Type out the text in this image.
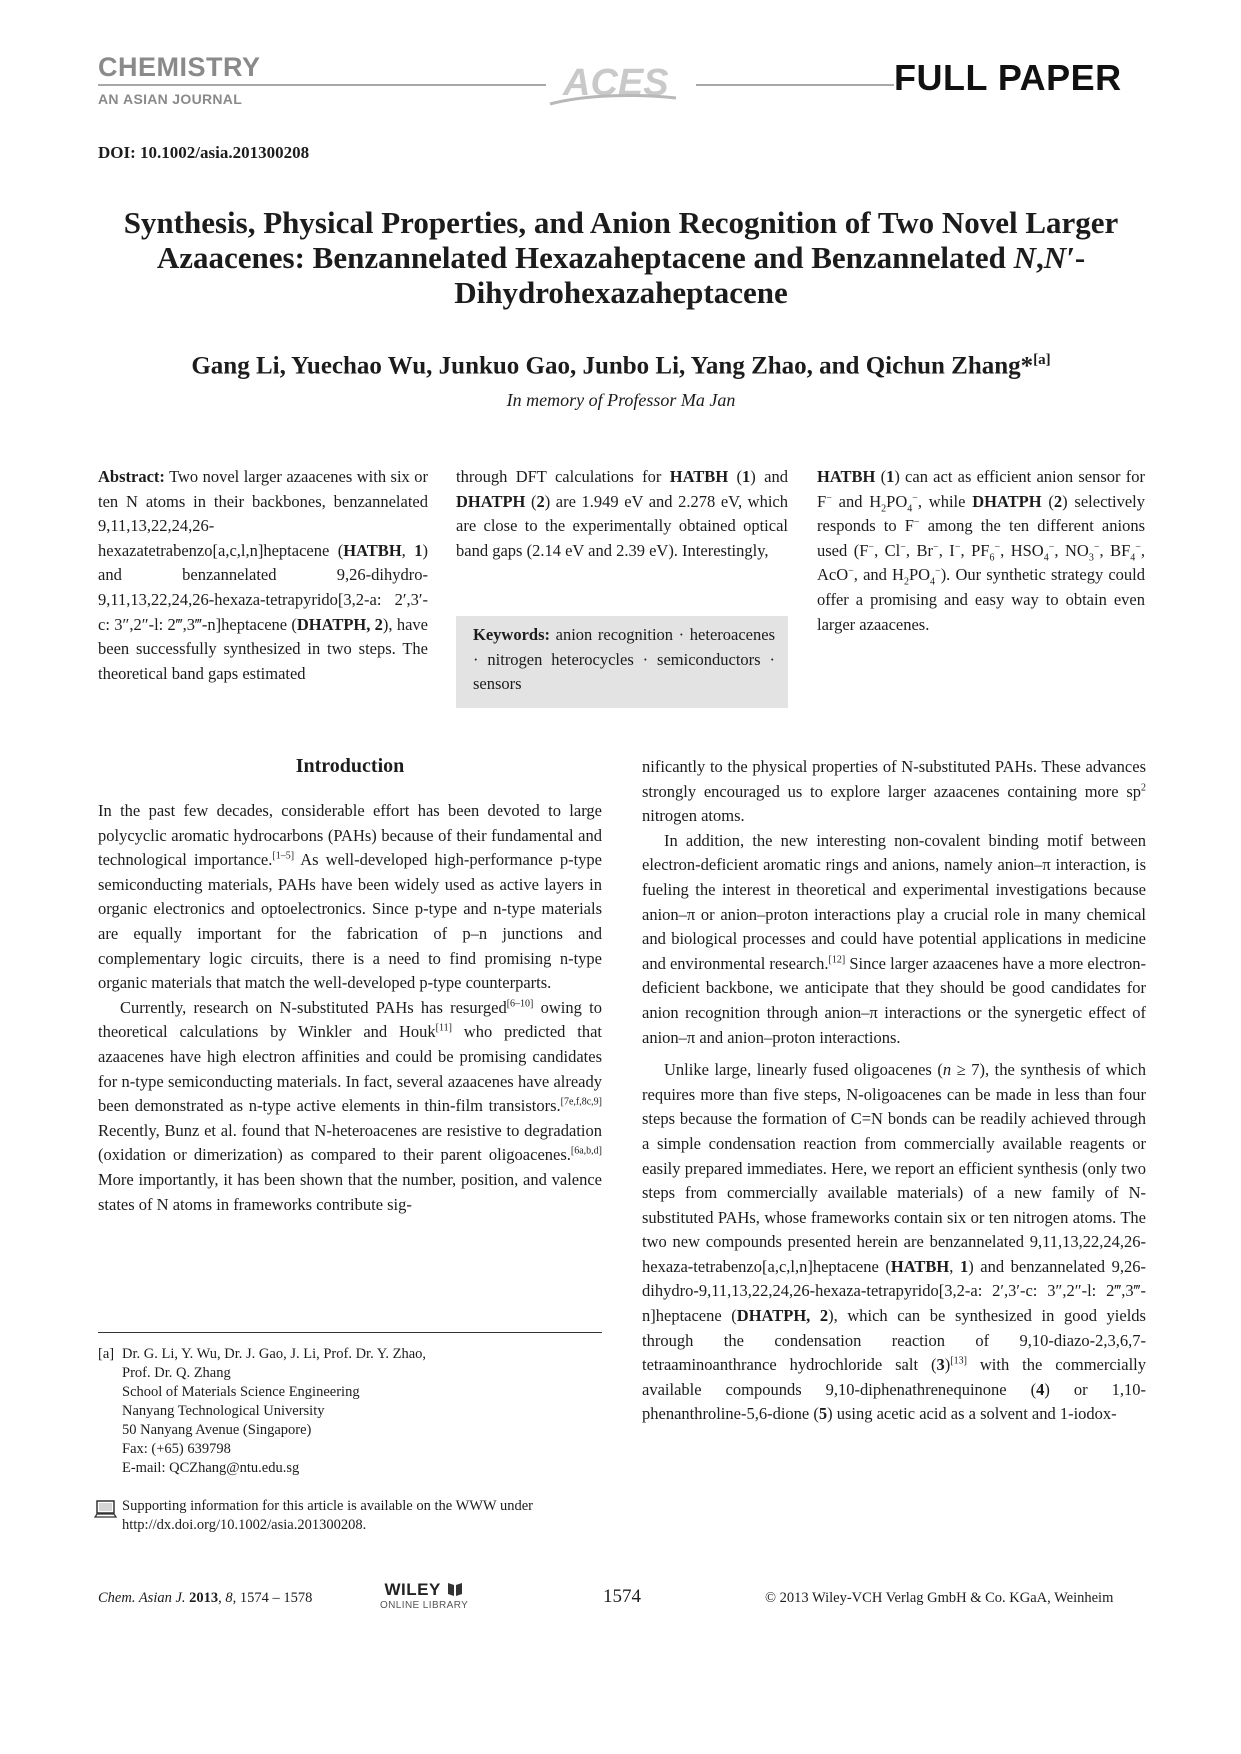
CHEMISTRY
AN ASIAN JOURNAL	ACES	FULL PAPER
DOI: 10.1002/asia.201300208
Synthesis, Physical Properties, and Anion Recognition of Two Novel Larger Azaacenes: Benzannelated Hexazaheptacene and Benzannelated N,N′-Dihydrohexazaheptacene
Gang Li, Yuechao Wu, Junkuo Gao, Junbo Li, Yang Zhao, and Qichun Zhang*[a]
In memory of Professor Ma Jan
Abstract: Two novel larger azaacenes with six or ten N atoms in their backbones, benzannelated 9,11,13,22,24,26-hexazatetrabenzo[a,c,l,n]heptacene (HATBH, 1) and benzannelated 9,26-dihydro-9,11,13,22,24,26-hexaza-tetrapyrido[3,2-a: 2′,3′-c: 3″,2″-l: 2‴,3‴-n]heptacene (DHATPH, 2), have been successfully synthesized in two steps. The theoretical band gaps estimated
through DFT calculations for HATBH (1) and DHATPH (2) are 1.949 eV and 2.278 eV, which are close to the experimentally obtained optical band gaps (2.14 eV and 2.39 eV). Interestingly,
Keywords: anion recognition · heteroacenes · nitrogen heterocycles · semiconductors · sensors
HATBH (1) can act as efficient anion sensor for F− and $H_2PO_4^-$, while DHATPH (2) selectively responds to F− among the ten different anions used (F−, Cl−, Br−, I−, $PF_6^-$, $HSO_4^-$, $NO_3^-$, $BF_4^-$, AcO−, and $H_2PO_4^-$). Our synthetic strategy could offer a promising and easy way to obtain even larger azaacenes.
Introduction

In the past few decades, considerable effort has been devoted to large polycyclic aromatic hydrocarbons (PAHs) because of their fundamental and technological importance.[1–5] As well-developed high-performance p-type semiconducting materials, PAHs have been widely used as active layers in organic electronics and optoelectronics. Since p-type and n-type materials are equally important for the fabrication of p–n junctions and complementary logic circuits, there is a need to find promising n-type organic materials that match the well-developed p-type counterparts.

Currently, research on N-substituted PAHs has resurged[6–10] owing to theoretical calculations by Winkler and Houk[11] who predicted that azaacenes have high electron affinities and could be promising candidates for n-type semiconducting materials. In fact, several azaacenes have already been demonstrated as n-type active elements in thin-film transistors.[7e,f,8c,9] Recently, Bunz et al. found that N-heteroacenes are resistive to degradation (oxidation or dimerization) as compared to their parent oligoacenes.[6a,b,d] More importantly, it has been shown that the number, position, and valence states of N atoms in frameworks contribute sig-

nificantly to the physical properties of N-substituted PAHs. These advances strongly encouraged us to explore larger azaacenes containing more $sp^2$ nitrogen atoms.

In addition, the new interesting non-covalent binding motif between electron-deficient aromatic rings and anions, namely anion–π interaction, is fueling the interest in theoretical and experimental investigations because anion–π or anion–proton interactions play a crucial role in many chemical and biological processes and could have potential applications in medicine and environmental research.[12] Since larger azaacenes have a more electron-deficient backbone, we anticipate that they should be good candidates for anion recognition through anion–π interactions or the synergetic effect of anion–π and anion–proton interactions.

Unlike large, linearly fused oligoacenes (n ≥ 7), the synthesis of which requires more than five steps, N-oligoacenes can be made in less than four steps because the formation of C=N bonds can be readily achieved through a simple condensation reaction from commercially available reagents or easily prepared immediates. Here, we report an efficient synthesis (only two steps from commercially available materials) of a new family of N-substituted PAHs, whose frameworks contain six or ten nitrogen atoms. The two new compounds presented herein are benzannelated 9,11,13,22,24,26-hexaza-tetrabenzo[a,c,l,n]heptacene (HATBH, 1) and benzannelated 9,26-dihydro-9,11,13,22,24,26-hexaza-tetrapyrido[3,2-a: 2′,3′-c: 3″,2″-l: 2‴,3‴-n]heptacene (DHATPH, 2), which can be synthesized in good yields through the condensation reaction of 9,10-diazo-2,3,6,7-tetraaminoanthrance hydrochloride salt (3)[13] with the commercially available compounds 9,10-diphenathrenequinone (4) or 1,10-phenanthroline-5,6-dione (5) using acetic acid as a solvent and 1-iodox-

[a] Dr. G. Li, Y. Wu, Dr. J. Gao, J. Li, Prof. Dr. Y. Zhao,
Prof. Dr. Q. Zhang
School of Materials Science Engineering
Nanyang Technological University
50 Nanyang Avenue (Singapore)
Fax: (+65) 639798
E-mail: QCZhang@ntu.edu.sg
Supporting information for this article is available on the WWW under http://dx.doi.org/10.1002/asia.201300208.
Chem. Asian J. 2013, 8, 1574 – 1578	WILEY
ONLINE LIBRARY	1574	© 2013 Wiley-VCH Verlag GmbH & Co. KGaA, Weinheim
